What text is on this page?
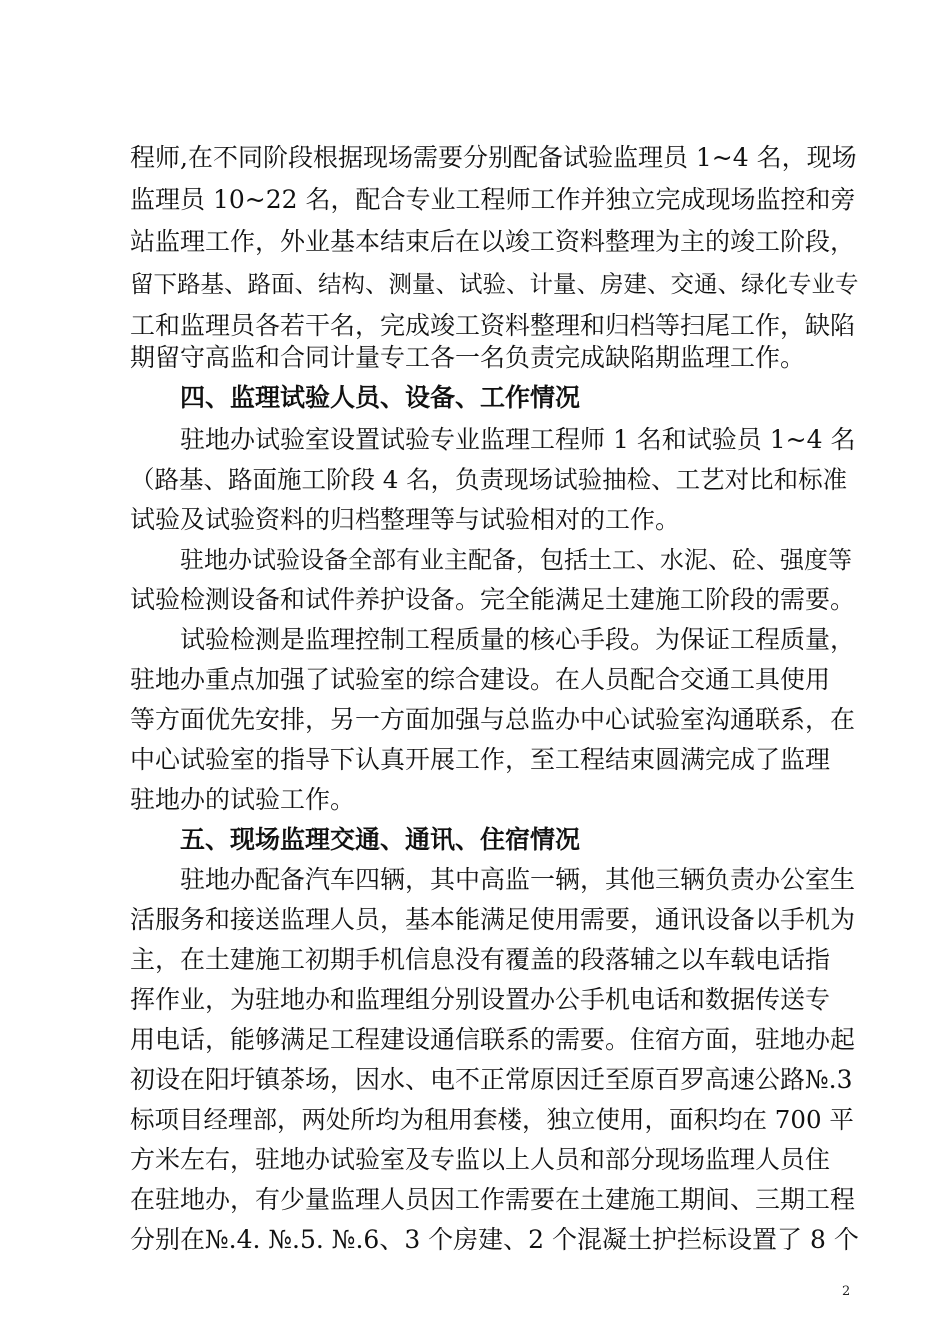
程师,在不同阶段根据现场需要分别配备试验监理员 1~4 名，现场
监理员 10~22 名，配合专业工程师工作并独立完成现场监控和旁
站监理工作，外业基本结束后在以竣工资料整理为主的竣工阶段，
留下路基、路面、结构、测量、试验、计量、房建、交通、绿化专业专
工和监理员各若干名，完成竣工资料整理和归档等扫尾工作，缺陷
期留守高监和合同计量专工各一名负责完成缺陷期监理工作。
四、监理试验人员、设备、工作情况
驻地办试验室设置试验专业监理工程师 1 名和试验员 1~4 名
（路基、路面施工阶段 4 名，负责现场试验抽检、工艺对比和标准
试验及试验资料的归档整理等与试验相对的工作。
驻地办试验设备全部有业主配备，包括土工、水泥、砼、强度等
试验检测设备和试件养护设备。完全能满足土建施工阶段的需要。
试验检测是监理控制工程质量的核心手段。为保证工程质量，
驻地办重点加强了试验室的综合建设。在人员配合交通工具使用
等方面优先安排，另一方面加强与总监办中心试验室沟通联系，在
中心试验室的指导下认真开展工作，至工程结束圆满完成了监理
驻地办的试验工作。
五、现场监理交通、通讯、住宿情况
驻地办配备汽车四辆，其中高监一辆，其他三辆负责办公室生
活服务和接送监理人员，基本能满足使用需要，通讯设备以手机为
主，在土建施工初期手机信息没有覆盖的段落辅之以车载电话指
挥作业，为驻地办和监理组分别设置办公手机电话和数据传送专
用电话，能够满足工程建设通信联系的需要。住宿方面，驻地办起
初设在阳圩镇茶场，因水、电不正常原因迁至原百罗高速公路№.3
标项目经理部，两处所均为租用套楼，独立使用，面积均在 700 平
方米左右，驻地办试验室及专监以上人员和部分现场监理人员住
在驻地办，有少量监理人员因工作需要在土建施工期间、三期工程
分别在№.4. №.5. №.6、3 个房建、2 个混凝土护拦标设置了 8 个
2
